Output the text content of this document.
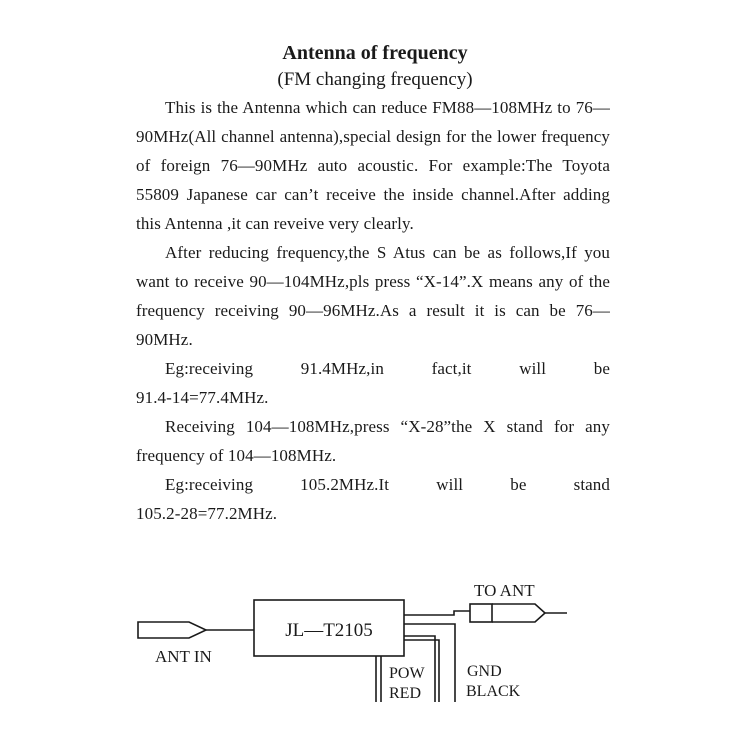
Antenna of frequency
(FM changing frequency)

This is the Antenna which can reduce FM88—108MHz to 76—90MHz(All channel antenna),special design for the lower frequency of foreign 76—90MHz auto acoustic. For example:The Toyota 55809 Japanese car can’t receive the inside channel.After adding this Antenna ,it can reveive very clearly.

After reducing frequency,the S Atus can be as follows,If you want to receive 90—104MHz,pls press “X-14”.X means any of the frequency receiving 90—96MHz.As a result it is can be 76—90MHz.

Eg:receiving 91.4MHz,in fact,it will be

91.4-14=77.4MHz.

Receiving 104—108MHz,press “X-28”the X stand for any frequency of 104—108MHz.

Eg:receiving 105.2MHz.It will be stand

105.2-28=77.2MHz.

JL—T2105
TO ANT
ANT IN
POW
RED
GND
BLACK
